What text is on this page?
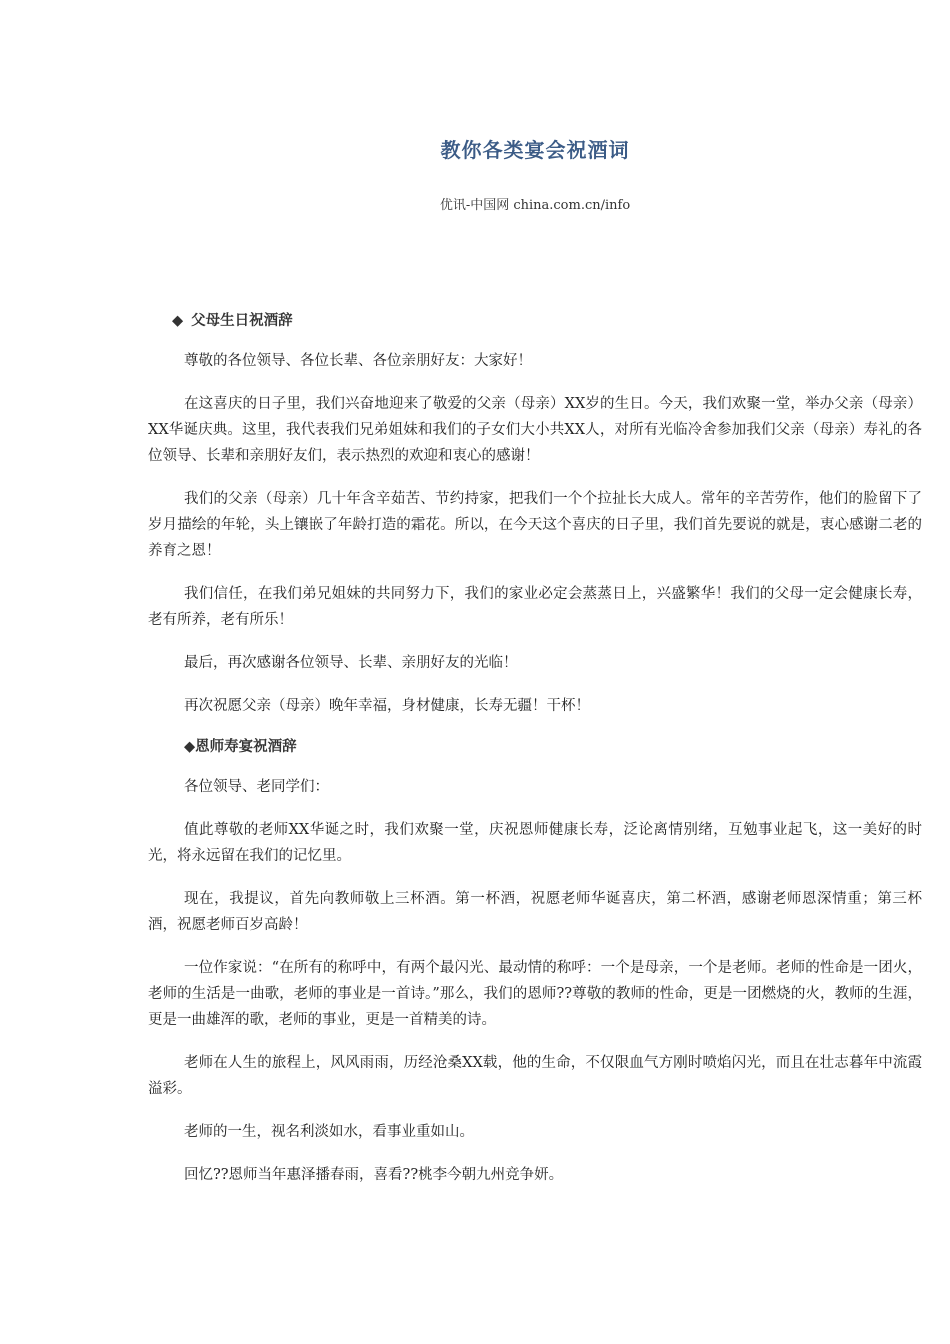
教你各类宴会祝酒词

优讯-中国网 china.com.cn/info

◆ 父母生日祝酒辞

尊敬的各位领导、各位长辈、各位亲朋好友：大家好！

在这喜庆的日子里，我们兴奋地迎来了敬爱的父亲（母亲）XX岁的生日。今天，我们欢聚一堂，举办父亲（母亲）XX华诞庆典。这里，我代表我们兄弟姐妹和我们的子女们大小共XX人，对所有光临冷舍参加我们父亲（母亲）寿礼的各位领导、长辈和亲朋好友们，表示热烈的欢迎和衷心的感谢！

我们的父亲（母亲）几十年含辛茹苦、节约持家，把我们一个个拉扯长大成人。常年的辛苦劳作，他们的脸留下了岁月描绘的年轮，头上镶嵌了年龄打造的霜花。所以，在今天这个喜庆的日子里，我们首先要说的就是，衷心感谢二老的养育之恩！

我们信任，在我们弟兄姐妹的共同努力下，我们的家业必定会蒸蒸日上，兴盛繁华！我们的父母一定会健康长寿，老有所养，老有所乐！

最后，再次感谢各位领导、长辈、亲朋好友的光临！

再次祝愿父亲（母亲）晚年幸福，身材健康，长寿无疆！干杯！

◆恩师寿宴祝酒辞

各位领导、老同学们：

值此尊敬的老师XX华诞之时，我们欢聚一堂，庆祝恩师健康长寿，泛论离情别绪，互勉事业起飞，这一美好的时光，将永远留在我们的记忆里。

现在，我提议，首先向教师敬上三杯酒。第一杯酒，祝愿老师华诞喜庆，第二杯酒，感谢老师恩深情重；第三杯酒，祝愿老师百岁高龄！

一位作家说：“在所有的称呼中，有两个最闪光、最动情的称呼：一个是母亲，一个是老师。老师的性命是一团火，老师的生活是一曲歌，老师的事业是一首诗。”那么，我们的恩师??尊敬的教师的性命，更是一团燃烧的火，教师的生涯，更是一曲雄浑的歌，老师的事业，更是一首精美的诗。

老师在人生的旅程上，风风雨雨，历经沧桑XX载，他的生命，不仅限血气方刚时喷焰闪光，而且在壮志暮年中流霞溢彩。

老师的一生，视名利淡如水，看事业重如山。

回忆??恩师当年惠泽播春雨，喜看??桃李今朝九州竞争妍。
